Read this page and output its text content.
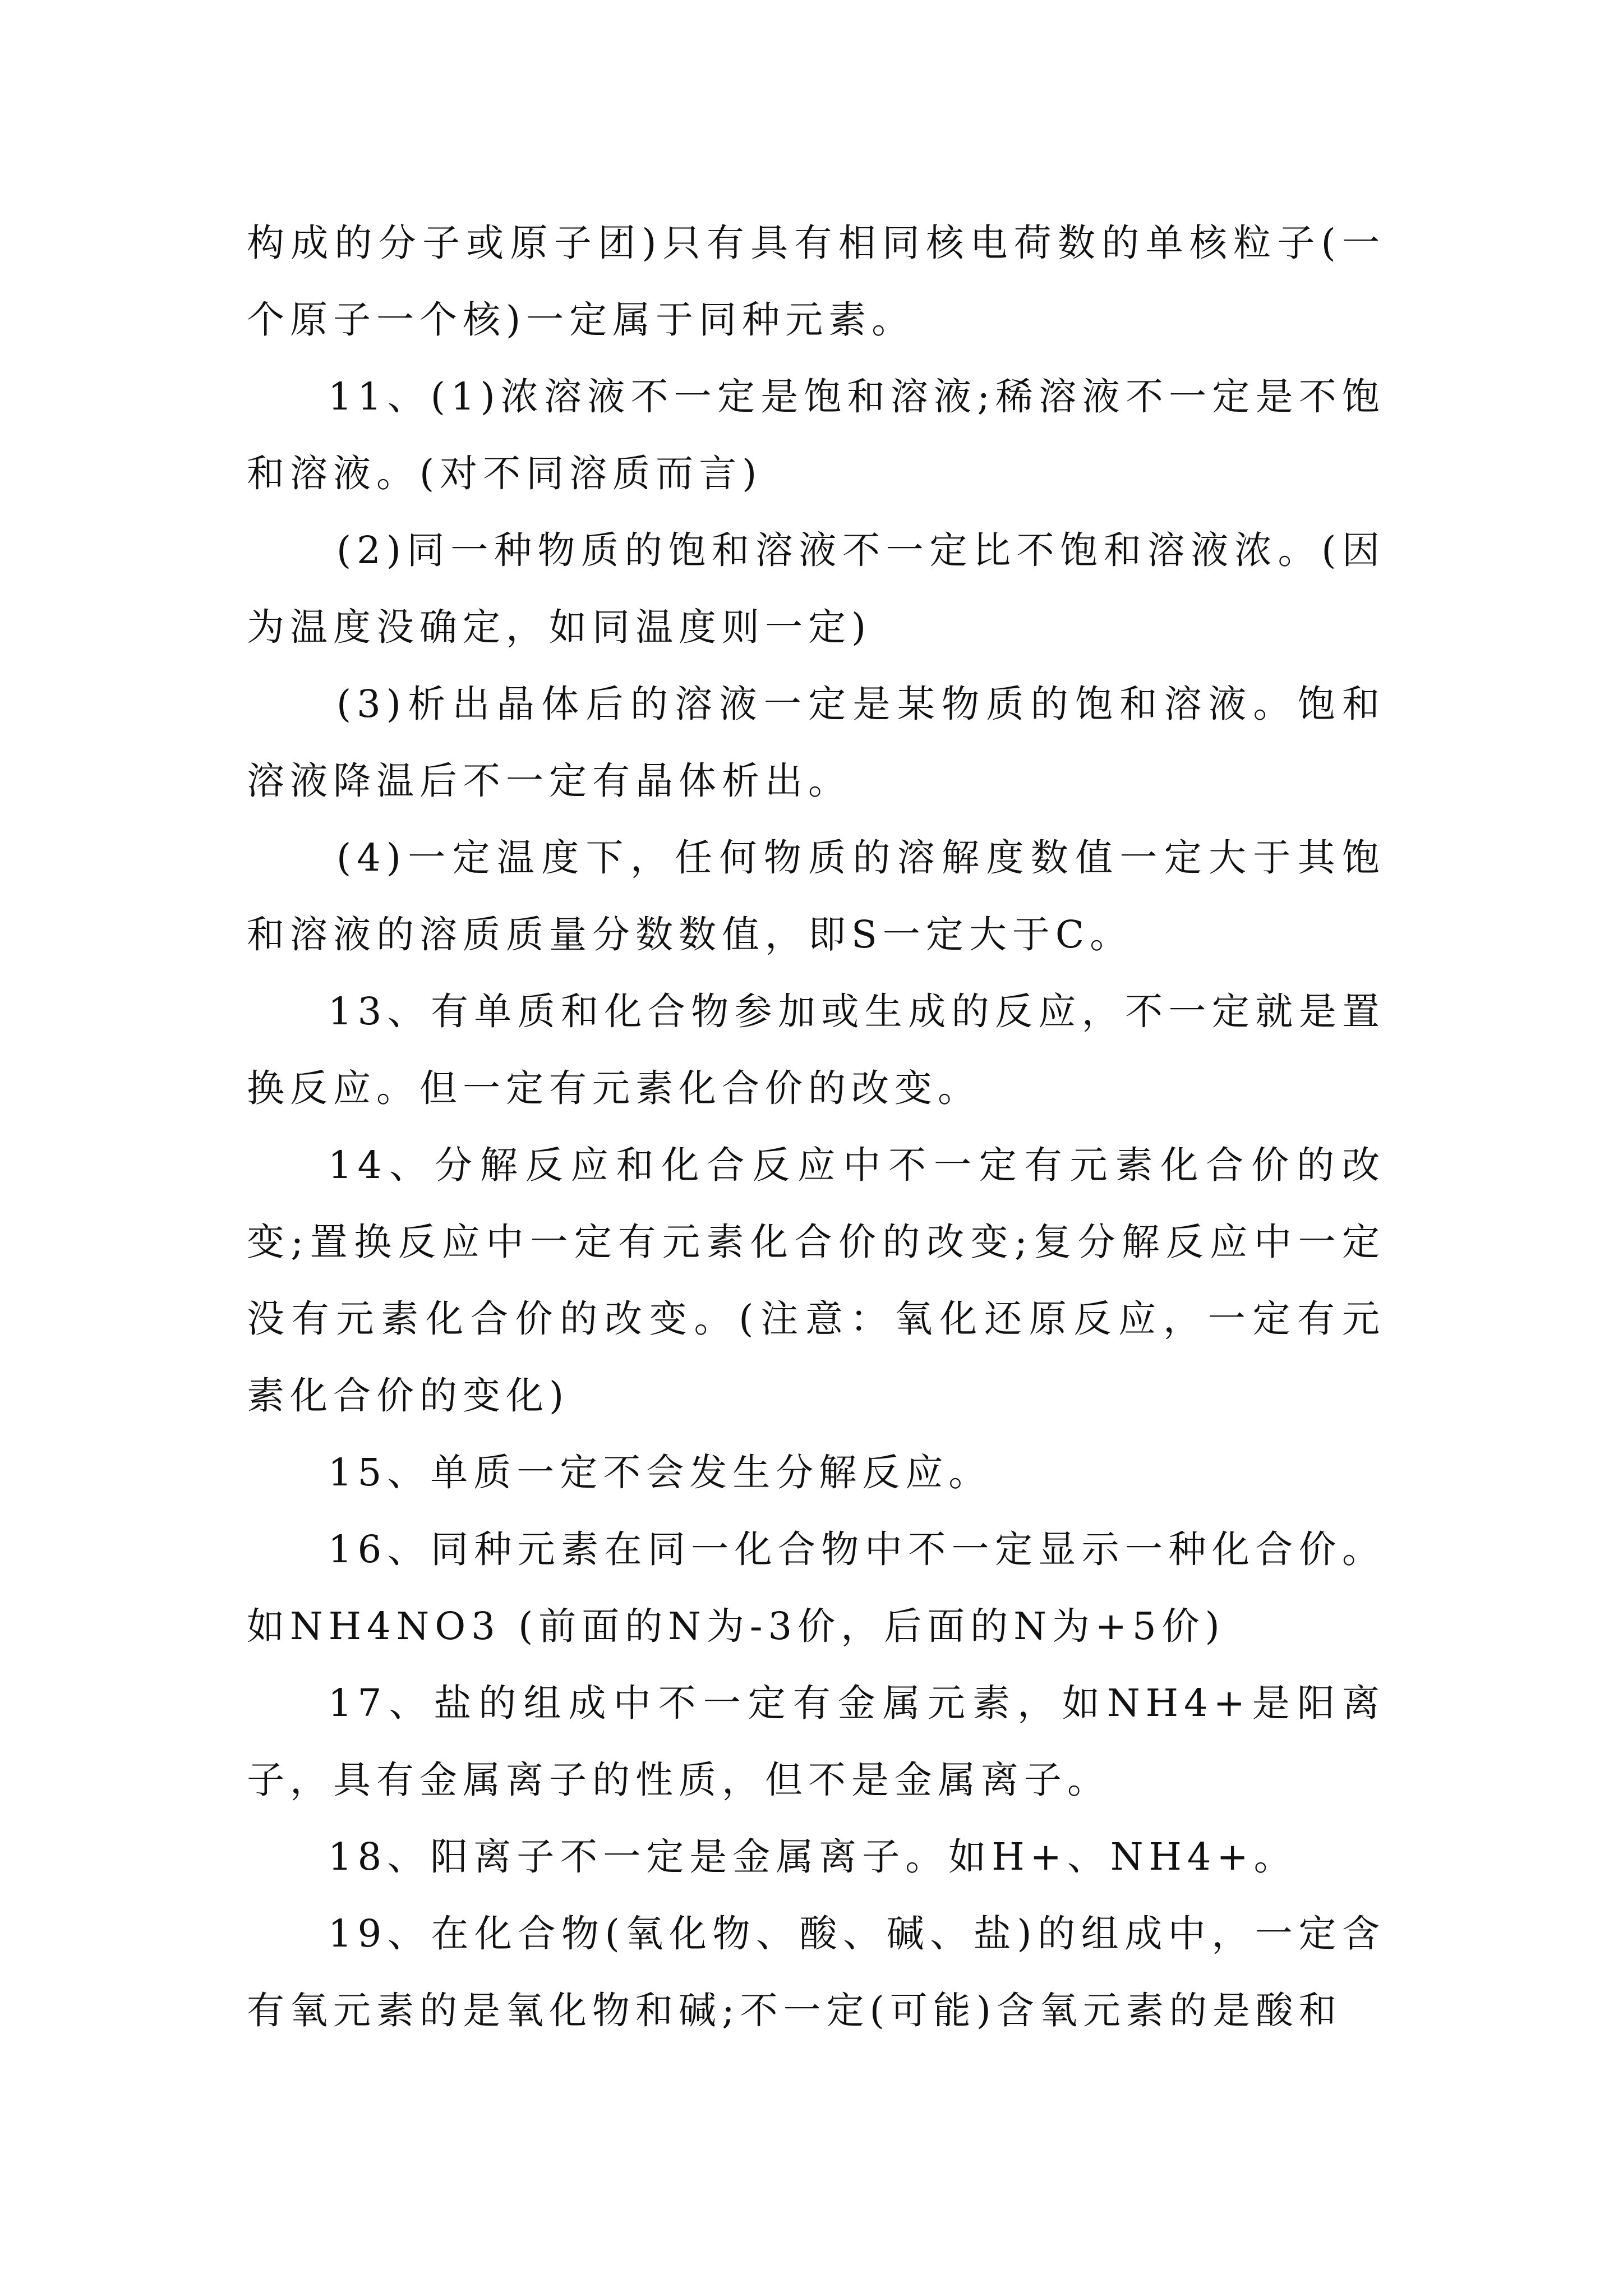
构成的分子或原子团)只有具有相同核电荷数的单核粒子(一个原子一个核)一定属于同种元素。

11、(1)浓溶液不一定是饱和溶液;稀溶液不一定是不饱和溶液。(对不同溶质而言)

(2)同一种物质的饱和溶液不一定比不饱和溶液浓。(因为温度没确定，如同温度则一定)

(3)析出晶体后的溶液一定是某物质的饱和溶液。饱和溶液降温后不一定有晶体析出。

(4)一定温度下，任何物质的溶解度数值一定大于其饱和溶液的溶质质量分数数值，即S一定大于C。

13、有单质和化合物参加或生成的反应，不一定就是置换反应。但一定有元素化合价的改变。

14、分解反应和化合反应中不一定有元素化合价的改变;置换反应中一定有元素化合价的改变;复分解反应中一定没有元素化合价的改变。(注意：氧化还原反应，一定有元素化合价的变化)

15、单质一定不会发生分解反应。

16、同种元素在同一化合物中不一定显示一种化合价。如NH4NO3 (前面的N为-3价，后面的N为+5价)

17、盐的组成中不一定有金属元素，如NH4+是阳离子，具有金属离子的性质，但不是金属离子。

18、阳离子不一定是金属离子。如H+、NH4+。

19、在化合物(氧化物、酸、碱、盐)的组成中，一定含有氧元素的是氧化物和碱;不一定(可能)含氧元素的是酸和
